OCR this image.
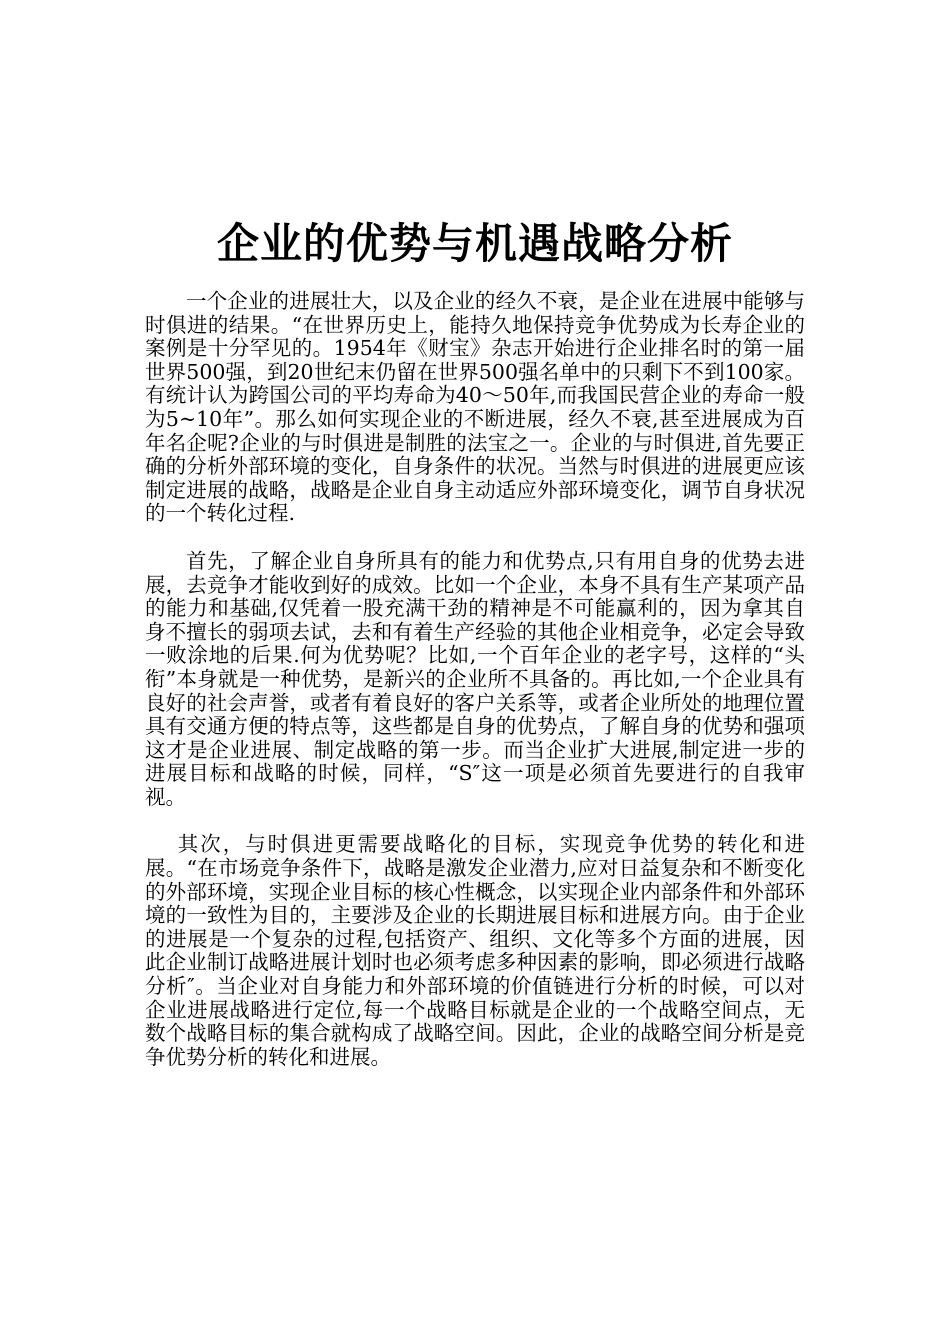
企业的优势与机遇战略分析

一个企业的进展壮大，以及企业的经久不衰，是企业在进展中能够与时俱进的结果。“在世界历史上，能持久地保持竞争优势成为长寿企业的案例是十分罕见的。1954年《财宝》杂志开始进行企业排名时的第一届世界500强，到20世纪末仍留在世界500强名单中的只剩下不到100家。有统计认为跨国公司的平均寿命为40～50年,而我国民营企业的寿命一般为5~10年”。那么如何实现企业的不断进展，经久不衰,甚至进展成为百年名企呢?企业的与时俱进是制胜的法宝之一。企业的与时俱进,首先要正确的分析外部环境的变化，自身条件的状况。当然与时俱进的进展更应该制定进展的战略，战略是企业自身主动适应外部环境变化，调节自身状况的一个转化过程.

首先，了解企业自身所具有的能力和优势点,只有用自身的优势去进展，去竞争才能收到好的成效。比如一个企业，本身不具有生产某项产品的能力和基础,仅凭着一股充满干劲的精神是不可能赢利的，因为拿其自身不擅长的弱项去试，去和有着生产经验的其他企业相竞争，必定会导致一败涂地的后果.何为优势呢？比如,一个百年企业的老字号，这样的“头衔”本身就是一种优势，是新兴的企业所不具备的。再比如,一个企业具有良好的社会声誉，或者有着良好的客户关系等，或者企业所处的地理位置具有交通方便的特点等，这些都是自身的优势点，了解自身的优势和强项这才是企业进展、制定战略的第一步。而当企业扩大进展,制定进一步的进展目标和战略的时候，同样，“S″这一项是必须首先要进行的自我审视。

其次，与时俱进更需要战略化的目标，实现竞争优势的转化和进展。“在市场竞争条件下，战略是激发企业潜力,应对日益复杂和不断变化的外部环境，实现企业目标的核心性概念，以实现企业内部条件和外部环境的一致性为目的，主要涉及企业的长期进展目标和进展方向。由于企业的进展是一个复杂的过程,包括资产、组织、文化等多个方面的进展，因此企业制订战略进展计划时也必须考虑多种因素的影响，即必须进行战略分析″。当企业对自身能力和外部环境的价值链进行分析的时候，可以对企业进展战略进行定位,每一个战略目标就是企业的一个战略空间点，无数个战略目标的集合就构成了战略空间。因此，企业的战略空间分析是竞争优势分析的转化和进展。
